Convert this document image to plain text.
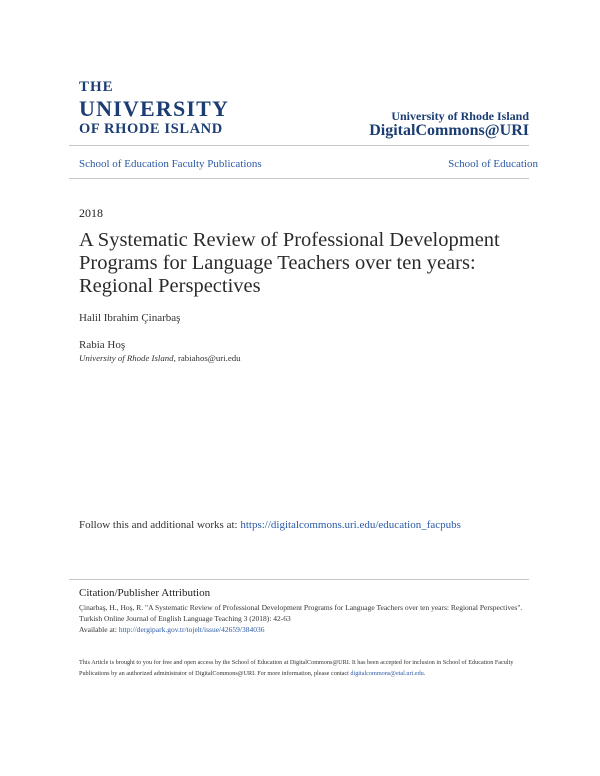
THE
UNIVERSITY
OF RHODE ISLAND
University of Rhode Island
DigitalCommons@URI
School of Education Faculty Publications	School of Education
2018
A Systematic Review of Professional Development Programs for Language Teachers over ten years: Regional Perspectives
Halil Ibrahim Çinarbaş
Rabia Hoş
University of Rhode Island, rabiahos@uri.edu
Follow this and additional works at: https://digitalcommons.uri.edu/education_facpubs
Citation/Publisher Attribution
Çinarbaş, H., Hoş, R. "A Systematic Review of Professional Development Programs for Language Teachers over ten years: Regional Perspectives". Turkish Online Journal of English Language Teaching 3 (2018): 42-63
Available at: http://dergipark.gov.tr/tojelt/issue/42659/384036
This Article is brought to you for free and open access by the School of Education at DigitalCommons@URI. It has been accepted for inclusion in School of Education Faculty Publications by an authorized administrator of DigitalCommons@URI. For more information, please contact digitalcommons@etal.uri.edu.
